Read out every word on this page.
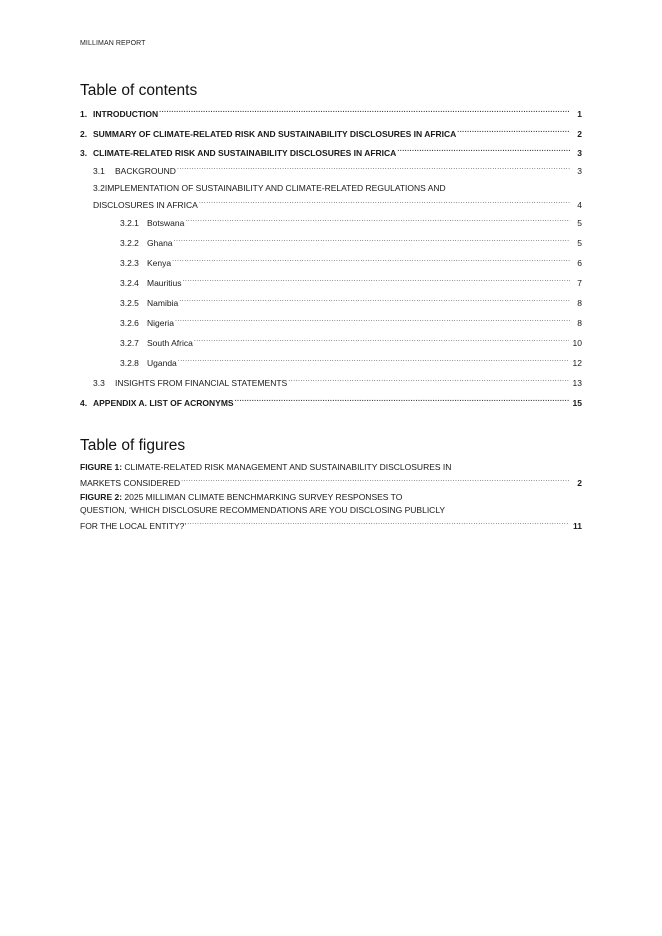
MILLIMAN REPORT
Table of contents
1. INTRODUCTION .....	1
2. SUMMARY OF CLIMATE-RELATED RISK AND SUSTAINABILITY DISCLOSURES IN AFRICA .....	2
3. CLIMATE-RELATED RISK AND SUSTAINABILITY DISCLOSURES IN AFRICA .....	3
3.1 BACKGROUND .....	3
3.2IMPLEMENTATION OF SUSTAINABILITY AND CLIMATE-RELATED REGULATIONS AND
DISCLOSURES IN AFRICA .....	4
3.2.1 Botswana .....	5
3.2.2 Ghana .....	5
3.2.3 Kenya .....	6
3.2.4 Mauritius .....	7
3.2.5 Namibia .....	8
3.2.6 Nigeria .....	8
3.2.7 South Africa .....	10
3.2.8 Uganda .....	12
3.3 INSIGHTS FROM FINANCIAL STATEMENTS .....	13
4. APPENDIX A. LIST OF ACRONYMS .....	15
Table of figures
FIGURE 1: CLIMATE-RELATED RISK MANAGEMENT AND SUSTAINABILITY DISCLOSURES IN
MARKETS CONSIDERED .....	2
FIGURE 2: 2025 MILLIMAN CLIMATE BENCHMARKING SURVEY RESPONSES TO
QUESTION, ‘WHICH DISCLOSURE RECOMMENDATIONS ARE YOU DISCLOSING PUBLICLY
FOR THE LOCAL ENTITY?’ .....	11
